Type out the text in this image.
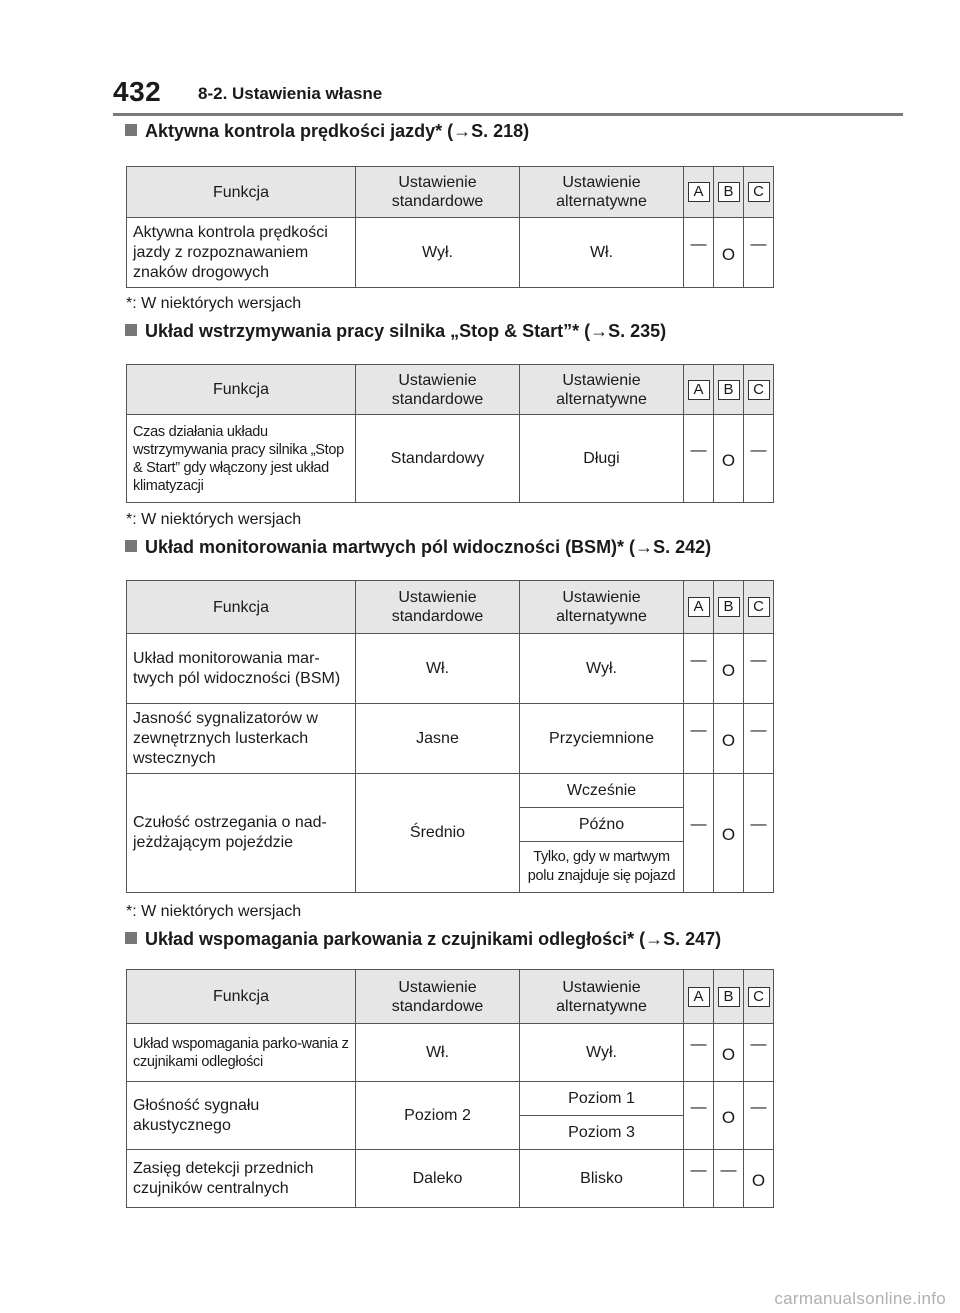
432 8-2. Ustawienia własne
Aktywna kontrola prędkości jazdy* ( → S. 218)
Funkcja	Ustawienie standardowe	Ustawienie alternatywne	A	B	C
Aktywna kontrola prędkości jazdy z rozpoznawaniem znaków drogowych	Wył.	Wł.	—	O	—
*: W niektórych wersjach
Układ wstrzymywania pracy silnika „Stop & Start”* ( → S. 235)
Funkcja	Ustawienie standardowe	Ustawienie alternatywne	A	B	C
Czas działania układu wstrzymywania pracy silnika „Stop & Start” gdy włączony jest układ klimatyzacji	Standardowy	Długi	—	O	—
*: W niektórych wersjach
Układ monitorowania martwych pól widoczności (BSM)* ( → S. 242)
Funkcja	Ustawienie standardowe	Ustawienie alternatywne	A	B	C
Układ monitorowania mar-twych pól widoczności (BSM)	Wł.	Wył.	—	O	—
Jasność sygnalizatorów w zewnętrznych lusterkach wstecznych	Jasne	Przyciemnione	—	O	—
Czułość ostrzegania o nad-jeżdżającym pojeździe	Średnio	Wcześnie	—	O	—
		Późno			
		Tylko, gdy w martwym polu znajduje się pojazd			
*: W niektórych wersjach
Układ wspomagania parkowania z czujnikami odległości* ( → S. 247)
Funkcja	Ustawienie standardowe	Ustawienie alternatywne	A	B	C
Układ wspomagania parko-wania z czujnikami odległości	Wł.	Wył.	—	O	—
Głośność sygnału akustycznego	Poziom 2	Poziom 1	—	O	—
		Poziom 3			
Zasięg detekcji przednich czujników centralnych	Daleko	Blisko	—	—	O
carmanualsonline.info
